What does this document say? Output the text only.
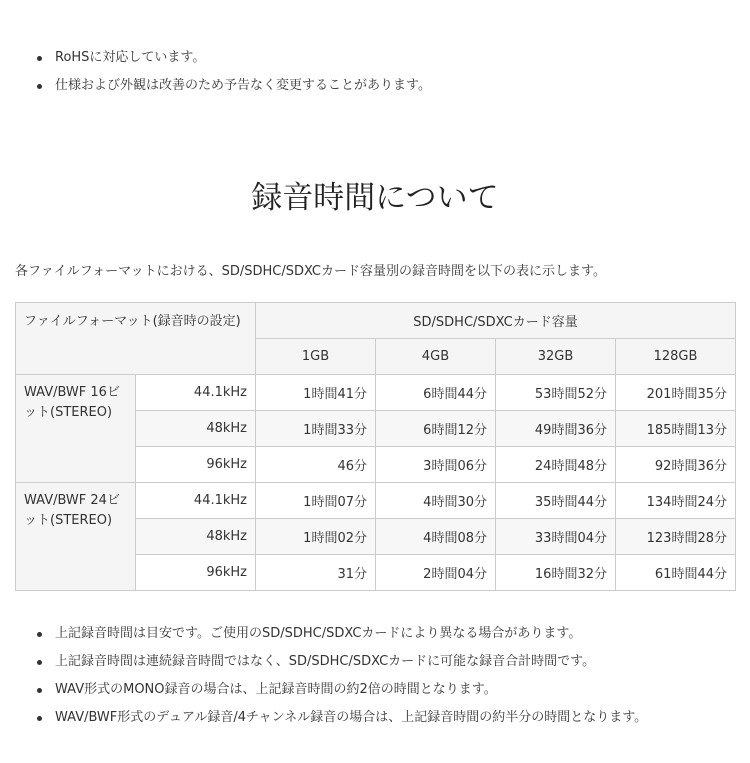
RoHSに対応しています。
仕様および外観は改善のため予告なく変更することがあります。
録音時間について

各ファイルフォーマットにおける、SD/SDHC/SDXCカード容量別の録音時間を以下の表に示します。

ファイルフォーマット(録音時の設定)		SD/SDHC/SDXCカード容量			
		1GB	4GB	32GB	128GB
WAV/BWF 16ビット(STEREO)	44.1kHz	1時間41分	6時間44分	53時間52分	201時間35分
	48kHz	1時間33分	6時間12分	49時間36分	185時間13分
	96kHz	46分	3時間06分	24時間48分	92時間36分
WAV/BWF 24ビット(STEREO)	44.1kHz	1時間07分	4時間30分	35時間44分	134時間24分
	48kHz	1時間02分	4時間08分	33時間04分	123時間28分
	96kHz	31分	2時間04分	16時間32分	61時間44分
上記録音時間は目安です。ご使用のSD/SDHC/SDXCカードにより異なる場合があります。
上記録音時間は連続録音時間ではなく、SD/SDHC/SDXCカードに可能な録音合計時間です。
WAV形式のMONO録音の場合は、上記録音時間の約2倍の時間となります。
WAV/BWF形式のデュアル録音/4チャンネル録音の場合は、上記録音時間の約半分の時間となります。
